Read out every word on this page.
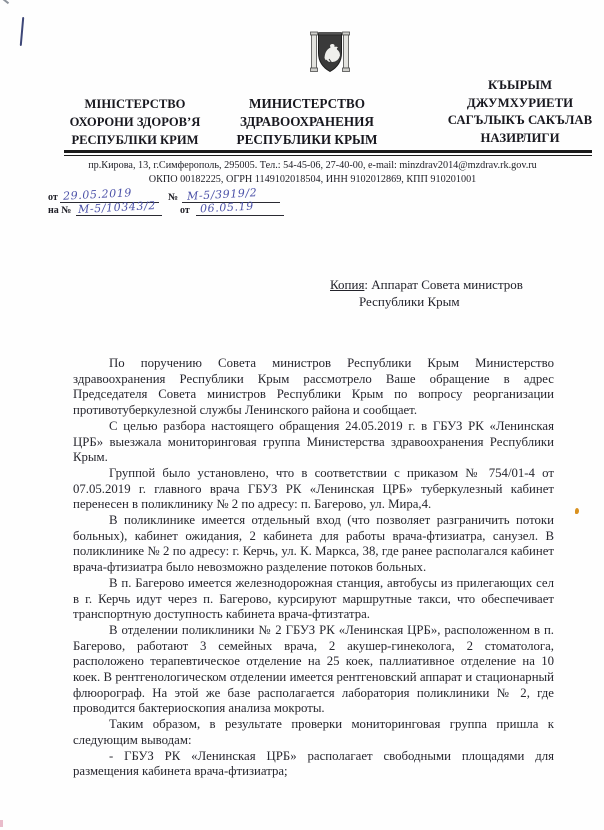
МІНІСТЕРСТВО
ОХОРОНИ ЗДОРОВ’Я
РЕСПУБЛІКИ КРИМ
МИНИСТЕРСТВО
ЗДРАВООХРАНЕНИЯ
РЕСПУБЛИКИ КРЫМ
КЪЫРЫМ
ДЖУМХУРИЕТИ
САГЪЛЫКЪ САКЪЛАВ
НАЗИРЛИГИ
пр.Кирова, 13, г.Симферополь, 295005. Тел.: 54-45-06, 27-40-00, e-mail: minzdrav2014@mzdrav.rk.gov.ru
ОКПО 00182225, ОГРН 1149102018504, ИНН 9102012869, КПП 910201001
от 29.05.2019	№ М-5/3919/2
на № М-5/10343/2 от 06.05.19
Копия: Аппарат Совета министров
Республики Крым

По поручению Совета министров Республики Крым Министерство здравоохранения Республики Крым рассмотрело Ваше обращение в адрес Председателя Совета министров Республики Крым по вопросу реорганизации противотуберкулезной службы Ленинского района и сообщает.

С целью разбора настоящего обращения 24.05.2019 г. в ГБУЗ РК «Ленинская ЦРБ» выезжала мониторинговая группа Министерства здравоохранения Республики Крым.

Группой было установлено, что в соответствии с приказом № 754/01-4 от 07.05.2019 г. главного врача ГБУЗ РК «Ленинская ЦРБ» туберкулезный кабинет перенесен в поликлинику № 2 по адресу: п. Багерово, ул. Мира,4.

В поликлинике имеется отдельный вход (что позволяет разграничить потоки больных), кабинет ожидания, 2 кабинета для работы врача-фтизиатра, санузел. В поликлинике № 2 по адресу: г. Керчь, ул. К. Маркса, 38, где ранее располагался кабинет врача-фтизиатра было невозможно разделение потоков больных.

В п. Багерово имеется железнодорожная станция, автобусы из прилегающих сел в г. Керчь идут через п. Багерово, курсируют маршрутные такси, что обеспечивает транспортную доступность кабинета врача-фтизтатра.

В отделении поликлиники № 2 ГБУЗ РК «Ленинская ЦРБ», расположенном в п. Багерово, работают 3 семейных врача, 2 акушер-гинеколога, 2 стоматолога, расположено терапевтическое отделение на 25 коек, паллиативное отделение на 10 коек. В рентгенологическом отделении имеется рентгеновский аппарат и стационарный флюорограф. На этой же базе располагается лаборатория поликлиники № 2, где проводится бактериоскопия анализа мокроты.

Таким образом, в результате проверки мониторинговая группа пришла к следующим выводам:

- ГБУЗ РК «Ленинская ЦРБ» располагает свободными площадями для размещения кабинета врача-фтизиатра;
